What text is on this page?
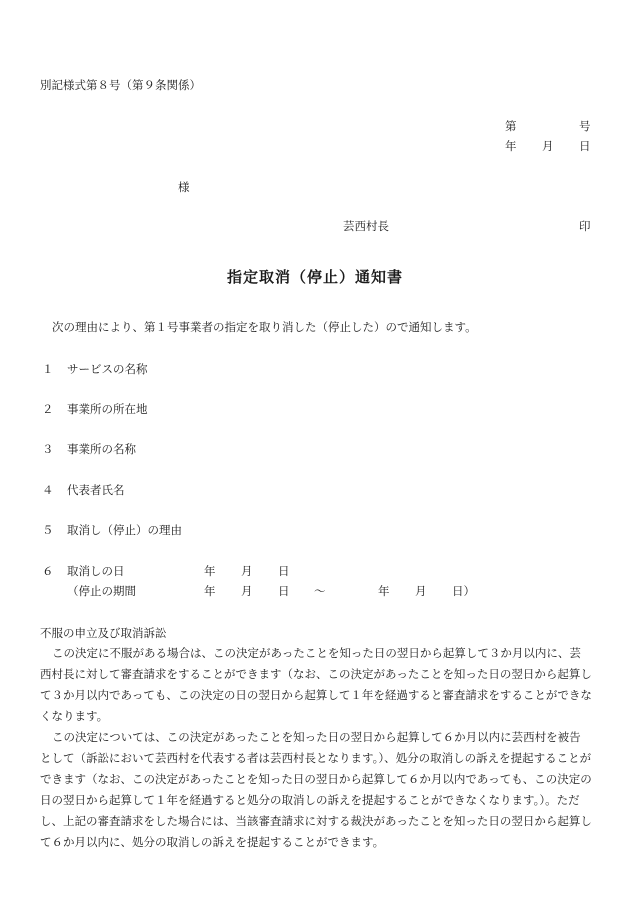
別記様式第８号（第９条関係）
第	号
年 月 日
様
芸西村長	印
指定取消（停止）通知書
次の理由により、第１号事業者の指定を取り消した（停止した）ので通知します。
１ サービスの名称
２ 事業所の所在地
３ 事業所の名称
４ 代表者氏名
５ 取消し（停止）の理由
６ 取消しの日	年 月 日
（停止の期間	年 月 日 ～	年 月 日）
不服の申立及び取消訴訟
この決定に不服がある場合は、この決定があったことを知った日の翌日から起算して３か月以内に、芸西村長に対して審査請求をすることができます（なお、この決定があったことを知った日の翌日から起算して３か月以内であっても、この決定の日の翌日から起算して１年を経過すると審査請求をすることができなくなります。
この決定については、この決定があったことを知った日の翌日から起算して６か月以内に芸西村を被告として（訴訟において芸西村を代表する者は芸西村長となります。）、処分の取消しの訴えを提起することができます（なお、この決定があったことを知った日の翌日から起算して６か月以内であっても、この決定の日の翌日から起算して１年を経過すると処分の取消しの訴えを提起することができなくなります。）。ただし、上記の審査請求をした場合には、当該審査請求に対する裁決があったことを知った日の翌日から起算して６か月以内に、処分の取消しの訴えを提起することができます。
